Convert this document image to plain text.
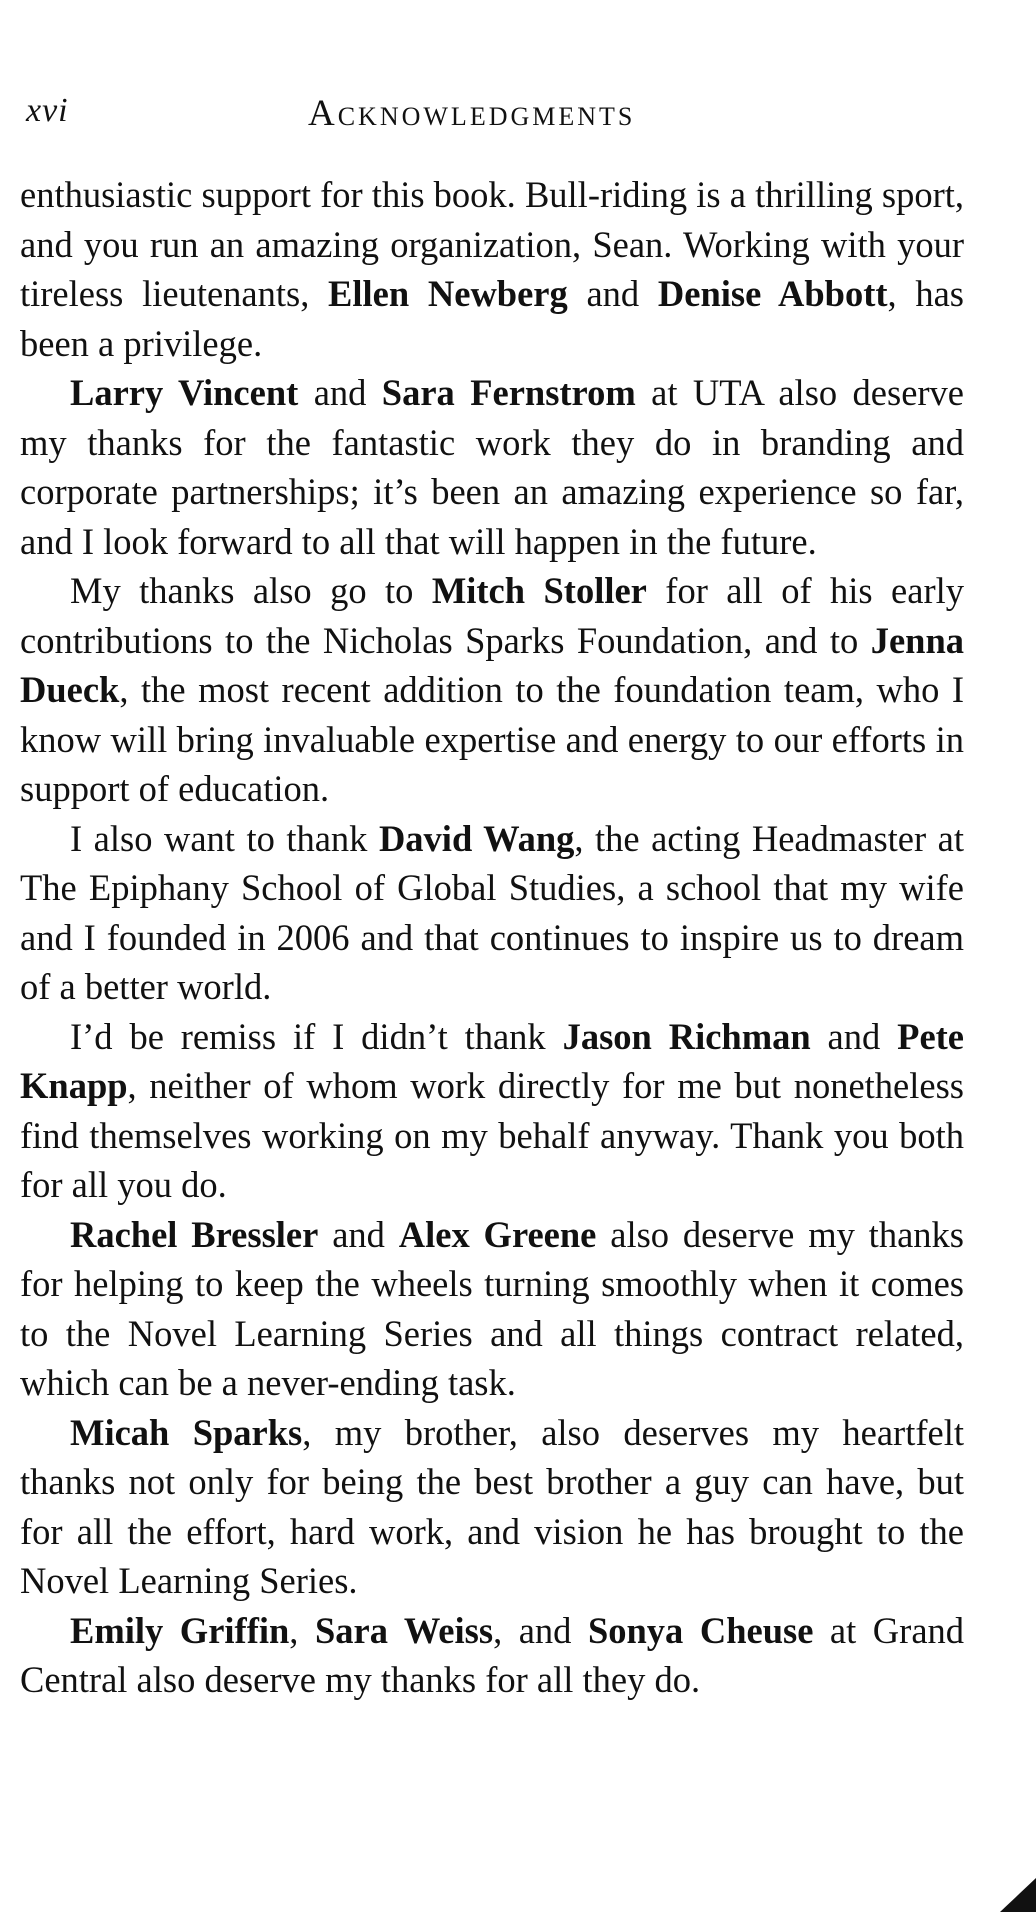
xvi	Acknowledgments

enthusiastic support for this book. Bull-riding is a thrilling sport, and you run an amazing organization, Sean. Working with your tireless lieutenants, Ellen Newberg and Denise Abbott, has been a privilege.

Larry Vincent and Sara Fernstrom at UTA also deserve my thanks for the fantastic work they do in branding and corporate partnerships; it’s been an amazing experience so far, and I look forward to all that will happen in the future.

My thanks also go to Mitch Stoller for all of his early contributions to the Nicholas Sparks Foundation, and to Jenna Dueck, the most recent addition to the foundation team, who I know will bring invaluable expertise and energy to our efforts in support of education.

I also want to thank David Wang, the acting Headmaster at The Epiphany School of Global Studies, a school that my wife and I founded in 2006 and that continues to inspire us to dream of a better world.

I’d be remiss if I didn’t thank Jason Richman and Pete Knapp, neither of whom work directly for me but nonetheless find themselves working on my behalf anyway. Thank you both for all you do.

Rachel Bressler and Alex Greene also deserve my thanks for helping to keep the wheels turning smoothly when it comes to the Novel Learning Series and all things contract related, which can be a never-ending task.

Micah Sparks, my brother, also deserves my heartfelt thanks not only for being the best brother a guy can have, but for all the effort, hard work, and vision he has brought to the Novel Learning Series.

Emily Griffin, Sara Weiss, and Sonya Cheuse at Grand Central also deserve my thanks for all they do.
